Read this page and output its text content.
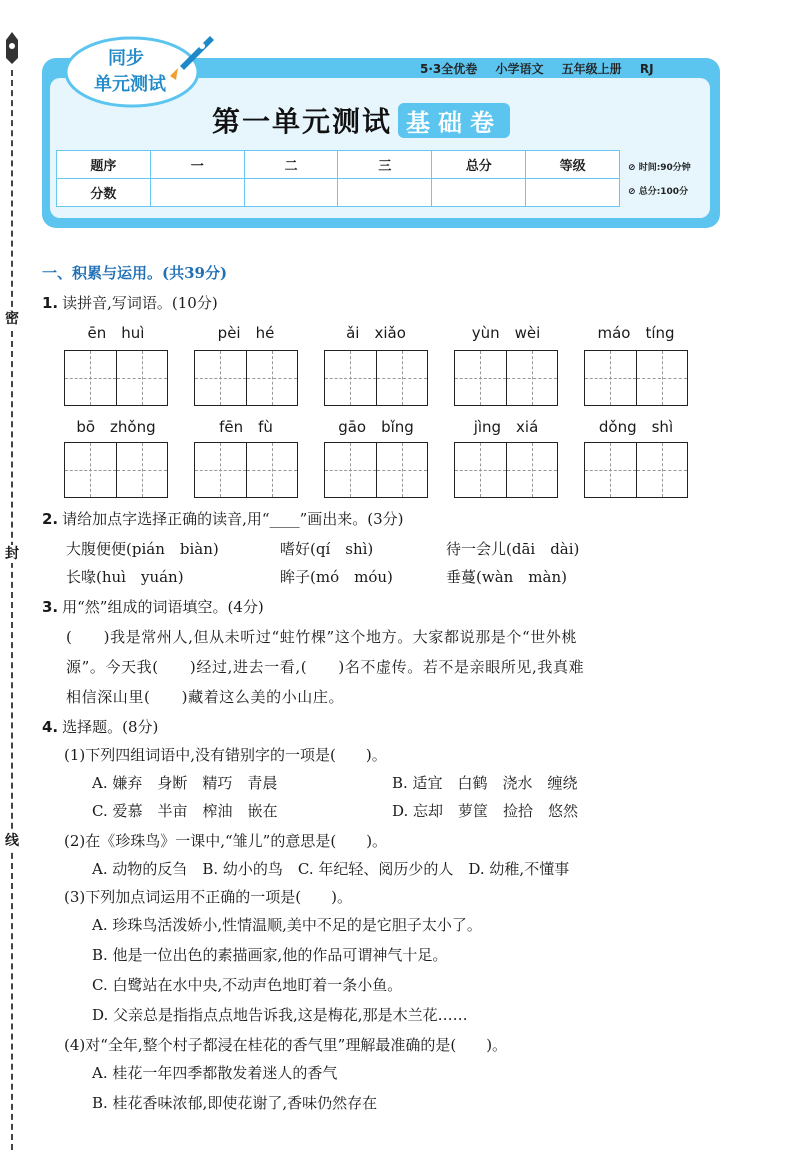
密
封
线
同步
单元测试
5·3全优卷 小学语文 五年级上册 RJ
第一单元测试 基础卷
题序	一	二	三	总分	等级
分数					
⊘ 时间:90分钟
⊘ 总分:100分
一、积累与运用。(共39分)
1. 读拼音,写词语。(10分)
ēn　huì	pèi　hé	ǎi　xiǎo	yùn　wèi	máo　tíng
bō　zhǒng	fēn　fù	gāo　bǐng	jìng　xiá	dǒng　shì
2. 请给加点字选择正确的读音,用“____”画出来。(3分)
大腹便便(pián　biàn)	嗜好(qí　shì)	待一会儿(dāi　dài)
长喙(huì　yuán)	眸子(mó　móu)	垂蔓(wàn　màn)
3. 用“然”组成的词语填空。(4分)
(　　)我是常州人,但从未听过“蛀竹棵”这个地方。大家都说那是个“世外桃
源”。今天我(　　)经过,进去一看,(　　)名不虚传。若不是亲眼所见,我真难
相信深山里(　　)藏着这么美的小山庄。
4. 选择题。(8分)
(1)下列四组词语中,没有错别字的一项是(　　)。
A. 嫌弃　身断　精巧　青晨	B. 适宜　白鹤　浇水　缠绕
C. 爱慕　半亩　榨油　嵌在	D. 忘却　萝筐　捡拾　悠然
(2)在《珍珠鸟》一课中,“雏儿”的意思是(　　)。
A. 动物的反刍　B. 幼小的鸟　C. 年纪轻、阅历少的人　D. 幼稚,不懂事
(3)下列加点词运用不正确的一项是(　　)。
A. 珍珠鸟活泼娇小,性情温顺,美中不足的是它胆子太小了。
B. 他是一位出色的素描画家,他的作品可谓神气十足。
C. 白鹭站在水中央,不动声色地盯着一条小鱼。
D. 父亲总是指指点点地告诉我,这是梅花,那是木兰花……
(4)对“全年,整个村子都浸在桂花的香气里”理解最准确的是(　　)。
A. 桂花一年四季都散发着迷人的香气
B. 桂花香味浓郁,即使花谢了,香味仍然存在
